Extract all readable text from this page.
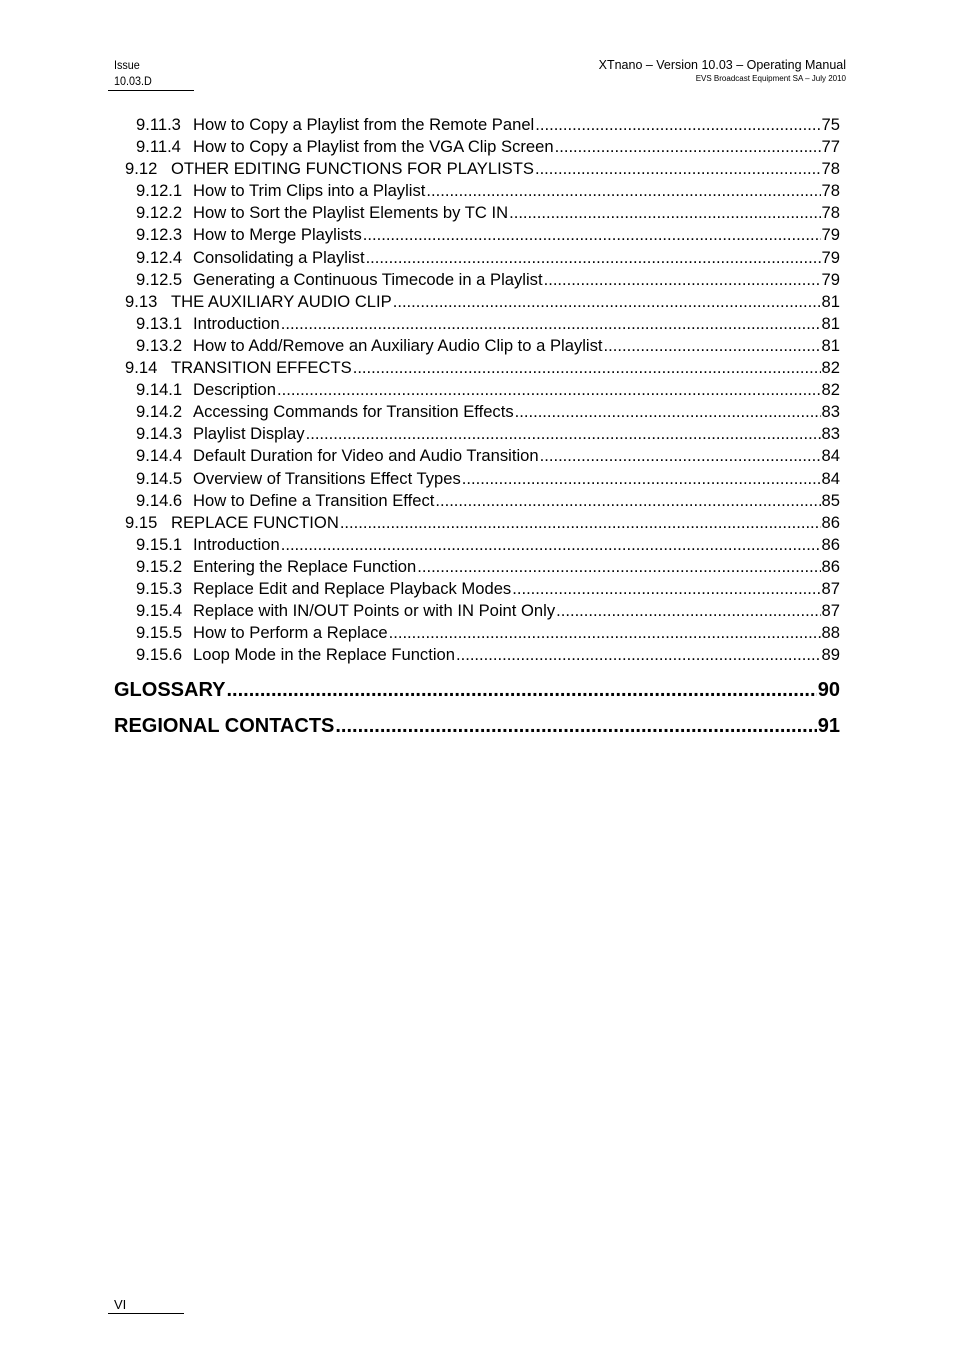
Issue
10.03.D
XTnano – Version 10.03 – Operating Manual
EVS Broadcast Equipment SA – July 2010
9.11.3 How to Copy a Playlist from the Remote Panel .....	75
9.11.4 How to Copy a Playlist from the VGA Clip Screen .....	77
9.12 OTHER EDITING FUNCTIONS FOR PLAYLISTS .....	78
9.12.1 How to Trim Clips into a Playlist .....	78
9.12.2 How to Sort the Playlist Elements by TC IN .....	78
9.12.3 How to Merge Playlists .....	79
9.12.4 Consolidating a Playlist .....	79
9.12.5 Generating a Continuous Timecode in a Playlist .....	79
9.13 THE AUXILIARY AUDIO CLIP .....	81
9.13.1 Introduction .....	81
9.13.2 How to Add/Remove an Auxiliary Audio Clip to a Playlist .....	81
9.14 TRANSITION EFFECTS .....	82
9.14.1 Description .....	82
9.14.2 Accessing Commands for Transition Effects .....	83
9.14.3 Playlist Display .....	83
9.14.4 Default Duration for Video and Audio Transition .....	84
9.14.5 Overview of Transitions Effect Types .....	84
9.14.6 How to Define a Transition Effect .....	85
9.15 REPLACE FUNCTION .....	86
9.15.1 Introduction .....	86
9.15.2 Entering the Replace Function .....	86
9.15.3 Replace Edit and Replace Playback Modes .....	87
9.15.4 Replace with IN/OUT Points or with IN Point Only .....	87
9.15.5 How to Perform a Replace .....	88
9.15.6 Loop Mode in the Replace Function .....	89
GLOSSARY .....	90
REGIONAL CONTACTS .....	91
VI
